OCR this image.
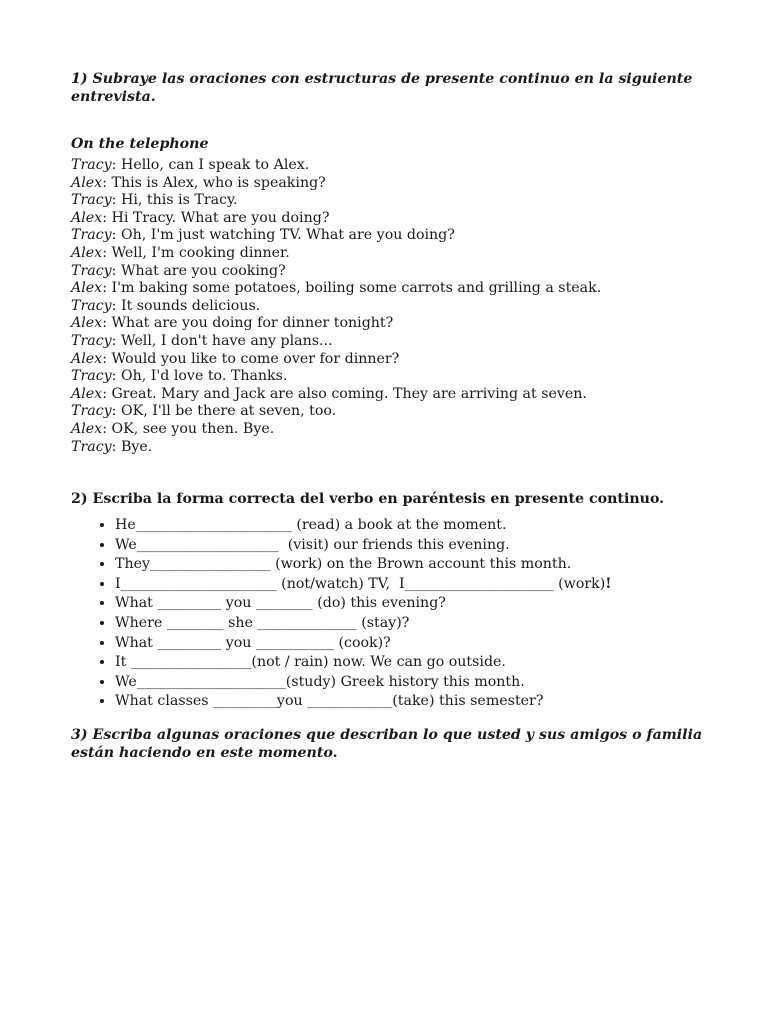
1) Subraye las oraciones con estructuras de presente continuo en la siguiente entrevista.

On the telephone

Tracy: Hello, can I speak to Alex.
Alex: This is Alex, who is speaking?
Tracy: Hi, this is Tracy.
Alex: Hi Tracy. What are you doing?
Tracy: Oh, I'm just watching TV. What are you doing?
Alex: Well, I'm cooking dinner.
Tracy: What are you cooking?
Alex: I'm baking some potatoes, boiling some carrots and grilling a steak.
Tracy: It sounds delicious.
Alex: What are you doing for dinner tonight?
Tracy: Well, I don't have any plans...
Alex: Would you like to come over for dinner?
Tracy: Oh, I'd love to. Thanks.
Alex: Great. Mary and Jack are also coming. They are arriving at seven.
Tracy: OK, I'll be there at seven, too.
Alex: OK, see you then. Bye.
Tracy: Bye.

2) Escriba la forma correcta del verbo en paréntesis en presente continuo.

• He______________________ (read) a book at the moment.
• We____________________  (visit) our friends this evening.
• They_________________ (work) on the Brown account this month.
• I______________________ (not/watch) TV,  I_____________________ (work)!
• What _________ you ________ (do) this evening?
• Where ________ she ______________ (stay)?
• What _________ you ___________ (cook)?
• It _________________(not / rain) now. We can go outside.
• We_____________________(study) Greek history this month.
• What classes _________you ____________(take) this semester?

3) Escriba algunas oraciones que describan lo que usted y sus amigos o familia están haciendo en este momento.
